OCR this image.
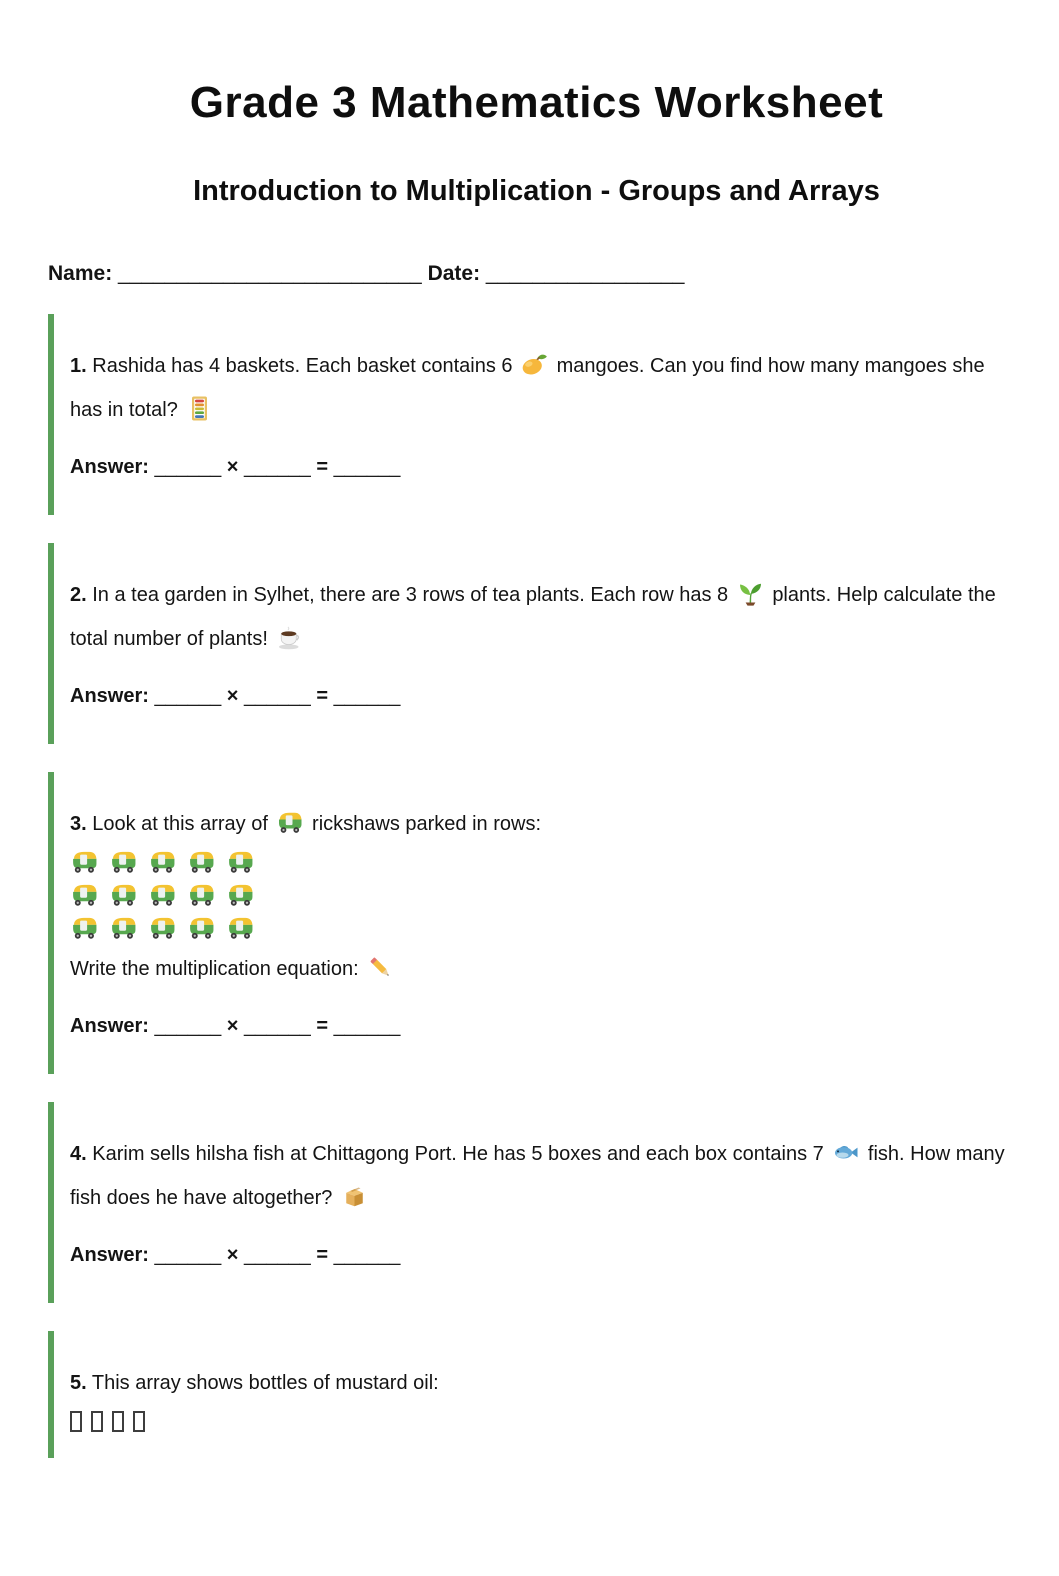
Grade 3 Mathematics Worksheet
Introduction to Multiplication - Groups and Arrays

Name: __________________________ Date: _________________

1. Rashida has 4 baskets. Each basket contains 6 mangoes. Can you find how many mangoes she has in total?

Answer: ______ × ______ = ______

2. In a tea garden in Sylhet, there are 3 rows of tea plants. Each row has 8 plants. Help calculate the total number of plants!

Answer: ______ × ______ = ______

3. Look at this array of rickshaws parked in rows:

Write the multiplication equation:

Answer: ______ × ______ = ______

4. Karim sells hilsha fish at Chittagong Port. He has 5 boxes and each box contains 7 fish. How many fish does he have altogether?

Answer: ______ × ______ = ______

5. This array shows bottles of mustard oil:
